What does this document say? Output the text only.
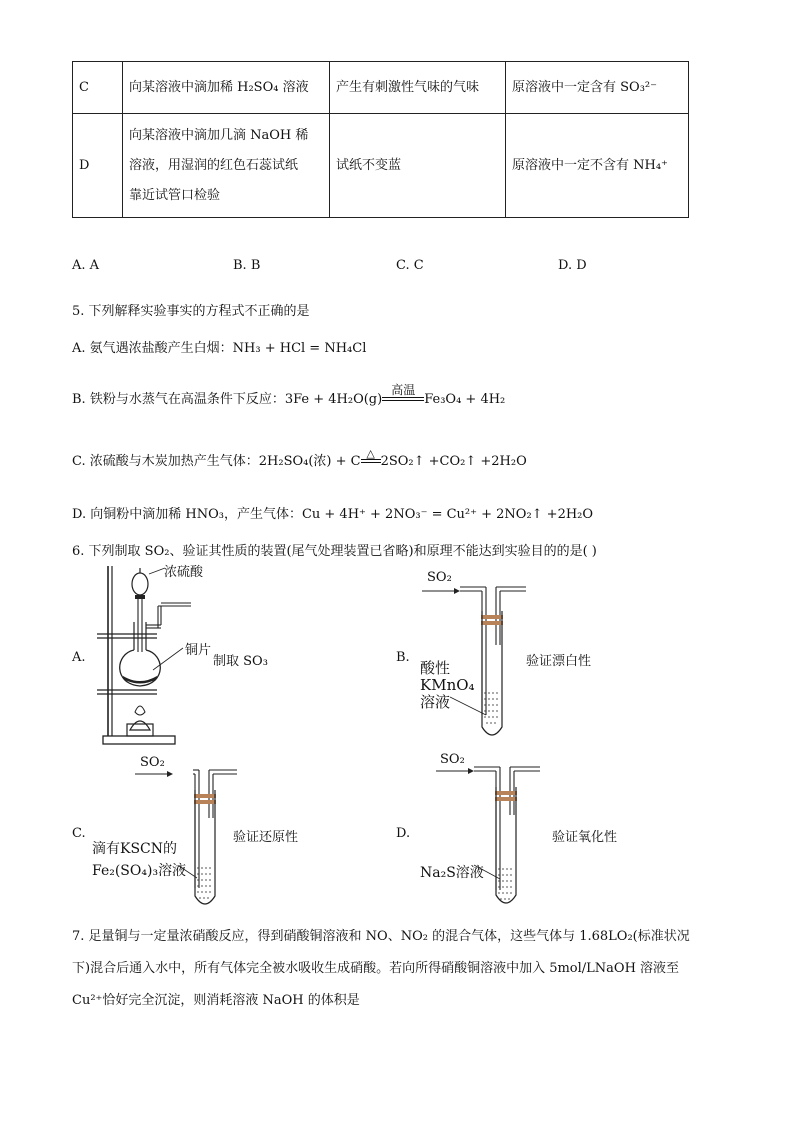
C	向某溶液中滴加稀 H₂SO₄ 溶液	产生有刺激性气味的气味	原溶液中一定含有 SO₃²⁻
D	向某溶液中滴加几滴 NaOH 稀
溶液，用湿润的红色石蕊试纸
靠近试管口检验	试纸不变蓝	原溶液中一定不含有 NH₄⁺
A. A	B. B	C. C	D. D
5. 下列解释实验事实的方程式不正确的是
A. 氨气遇浓盐酸产生白烟：NH₃ + HCl = NH₄Cl
B. 铁粉与水蒸气在高温条件下反应：3Fe + 4H₂O(g)
高温
Fe₃O₄ + 4H₂
C. 浓硫酸与木炭加热产生气体：2H₂SO₄(浓) + C
△
2SO₂↑ +CO₂↑ +2H₂O
D. 向铜粉中滴加稀 HNO₃，产生气体：Cu + 4H⁺ + 2NO₃⁻ = Cu²⁺ + 2NO₂↑ +2H₂O
6. 下列制取 SO₂、验证其性质的装置(尾气处理装置已省略)和原理不能达到实验目的的是( )
A.
浓硫酸
铜片
制取 SO₃	B.
SO₂
酸性
KMnO₄
溶液
验证漂白性
C.
SO₂
滴有KSCN的
Fe₂(SO₄)₃溶液
验证还原性	D.
SO₂
Na₂S溶液
验证氧化性
7. 足量铜与一定量浓硝酸反应，得到硝酸铜溶液和 NO、NO₂ 的混合气体，这些气体与 1.68LO₂(标准状况
下)混合后通入水中，所有气体完全被水吸收生成硝酸。若向所得硝酸铜溶液中加入 5mol/LNaOH 溶液至
Cu²⁺恰好完全沉淀，则消耗溶液 NaOH 的体积是
